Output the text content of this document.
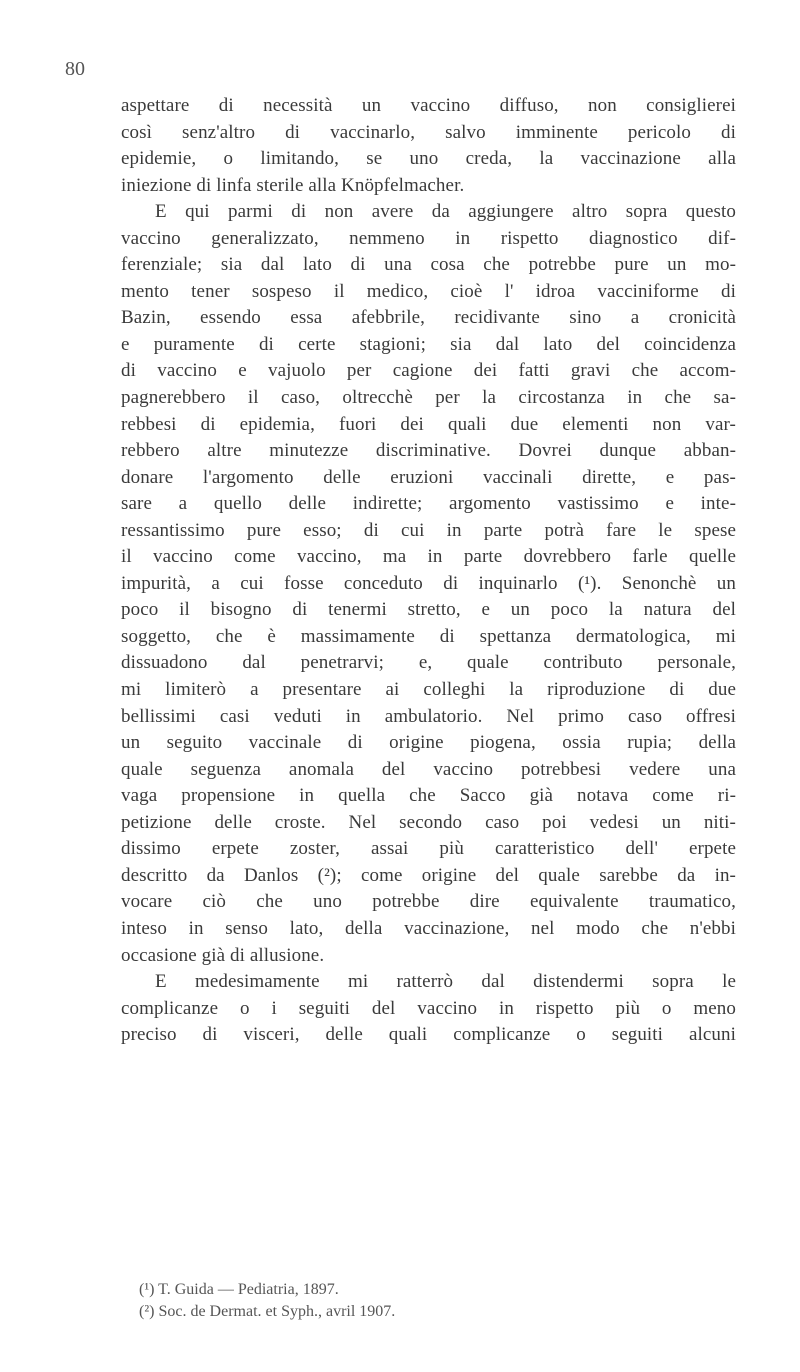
80
aspettare di necessità un vaccino diffuso, non consiglierei
così senz'altro di vaccinarlo, salvo imminente pericolo di
epidemie, o limitando, se uno creda, la vaccinazione alla
iniezione di linfa sterile alla Knöpfelmacher.
E qui parmi di non avere da aggiungere altro sopra questo
vaccino generalizzato, nemmeno in rispetto diagnostico dif-
ferenziale; sia dal lato di una cosa che potrebbe pure un mo-
mento tener sospeso il medico, cioè l' idroa vacciniforme di
Bazin, essendo essa afebbrile, recidivante sino a cronicità
e puramente di certe stagioni; sia dal lato del coincidenza
di vaccino e vajuolo per cagione dei fatti gravi che accom-
pagnerebbero il caso, oltrecchè per la circostanza in che sa-
rebbesi di epidemia, fuori dei quali due elementi non var-
rebbero altre minutezze discriminative. Dovrei dunque abban-
donare l'argomento delle eruzioni vaccinali dirette, e pas-
sare a quello delle indirette; argomento vastissimo e inte-
ressantissimo pure esso; di cui in parte potrà fare le spese
il vaccino come vaccino, ma in parte dovrebbero farle quelle
impurità, a cui fosse conceduto di inquinarlo (¹). Senonchè un
poco il bisogno di tenermi stretto, e un poco la natura del
soggetto, che è massimamente di spettanza dermatologica, mi
dissuadono dal penetrarvi; e, quale contributo personale,
mi limiterò a presentare ai colleghi la riproduzione di due
bellissimi casi veduti in ambulatorio. Nel primo caso offresi
un seguito vaccinale di origine piogena, ossia rupia; della
quale seguenza anomala del vaccino potrebbesi vedere una
vaga propensione in quella che Sacco già notava come ri-
petizione delle croste. Nel secondo caso poi vedesi un niti-
dissimo erpete zoster, assai più caratteristico dell' erpete
descritto da Danlos (²); come origine del quale sarebbe da in-
vocare ciò che uno potrebbe dire equivalente traumatico,
inteso in senso lato, della vaccinazione, nel modo che n'ebbi
occasione già di allusione.
E medesimamente mi ratterrò dal distendermi sopra le
complicanze o i seguiti del vaccino in rispetto più o meno
preciso di visceri, delle quali complicanze o seguiti alcuni
(¹) T. Guida — Pediatria, 1897.
(²) Soc. de Dermat. et Syph., avril 1907.
